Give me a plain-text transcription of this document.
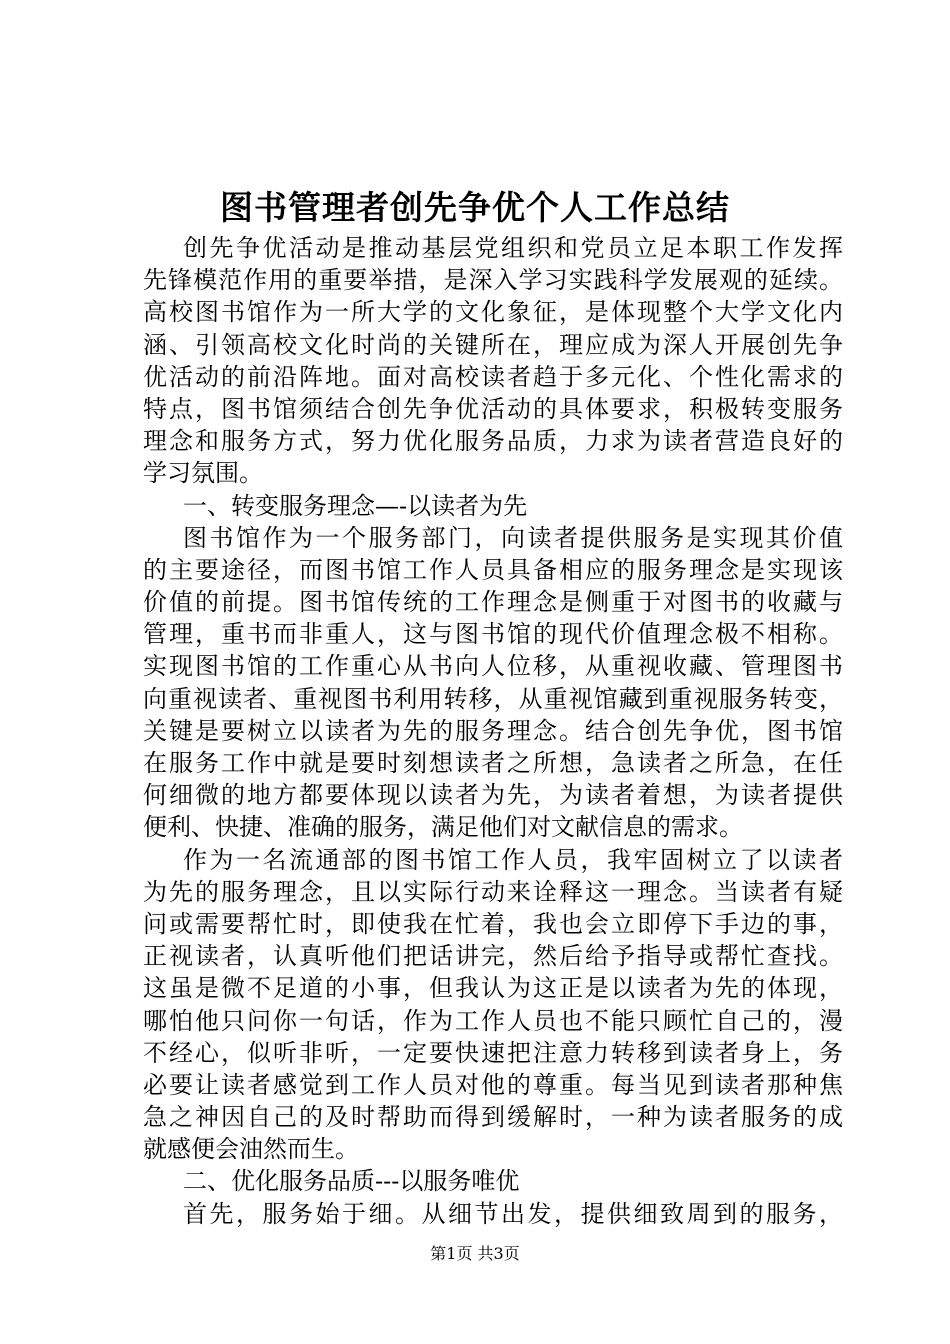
图书管理者创先争优个人工作总结
创先争优活动是推动基层党组织和党员立足本职工作发挥
先锋模范作用的重要举措，是深入学习实践科学发展观的延续。
高校图书馆作为一所大学的文化象征，是体现整个大学文化内
涵、引领高校文化时尚的关键所在，理应成为深人开展创先争
优活动的前沿阵地。面对高校读者趋于多元化、个性化需求的
特点，图书馆须结合创先争优活动的具体要求，积极转变服务
理念和服务方式，努力优化服务品质，力求为读者营造良好的
学习氛围。
一、转变服务理念—-以读者为先
图书馆作为一个服务部门，向读者提供服务是实现其价值
的主要途径，而图书馆工作人员具备相应的服务理念是实现该
价值的前提。图书馆传统的工作理念是侧重于对图书的收藏与
管理，重书而非重人，这与图书馆的现代价值理念极不相称。
实现图书馆的工作重心从书向人位移，从重视收藏、管理图书
向重视读者、重视图书利用转移，从重视馆藏到重视服务转变，
关键是要树立以读者为先的服务理念。结合创先争优，图书馆
在服务工作中就是要时刻想读者之所想，急读者之所急，在任
何细微的地方都要体现以读者为先，为读者着想，为读者提供
便利、快捷、准确的服务，满足他们对文献信息的需求。
作为一名流通部的图书馆工作人员，我牢固树立了以读者
为先的服务理念，且以实际行动来诠释这一理念。当读者有疑
问或需要帮忙时，即使我在忙着，我也会立即停下手边的事，
正视读者，认真听他们把话讲完，然后给予指导或帮忙查找。
这虽是微不足道的小事，但我认为这正是以读者为先的体现，
哪怕他只问你一句话，作为工作人员也不能只顾忙自己的，漫
不经心，似听非听，一定要快速把注意力转移到读者身上，务
必要让读者感觉到工作人员对他的尊重。每当见到读者那种焦
急之神因自己的及时帮助而得到缓解时，一种为读者服务的成
就感便会油然而生。
二、优化服务品质---以服务唯优
首先，服务始于细。从细节出发，提供细致周到的服务，
第1页 共3页
